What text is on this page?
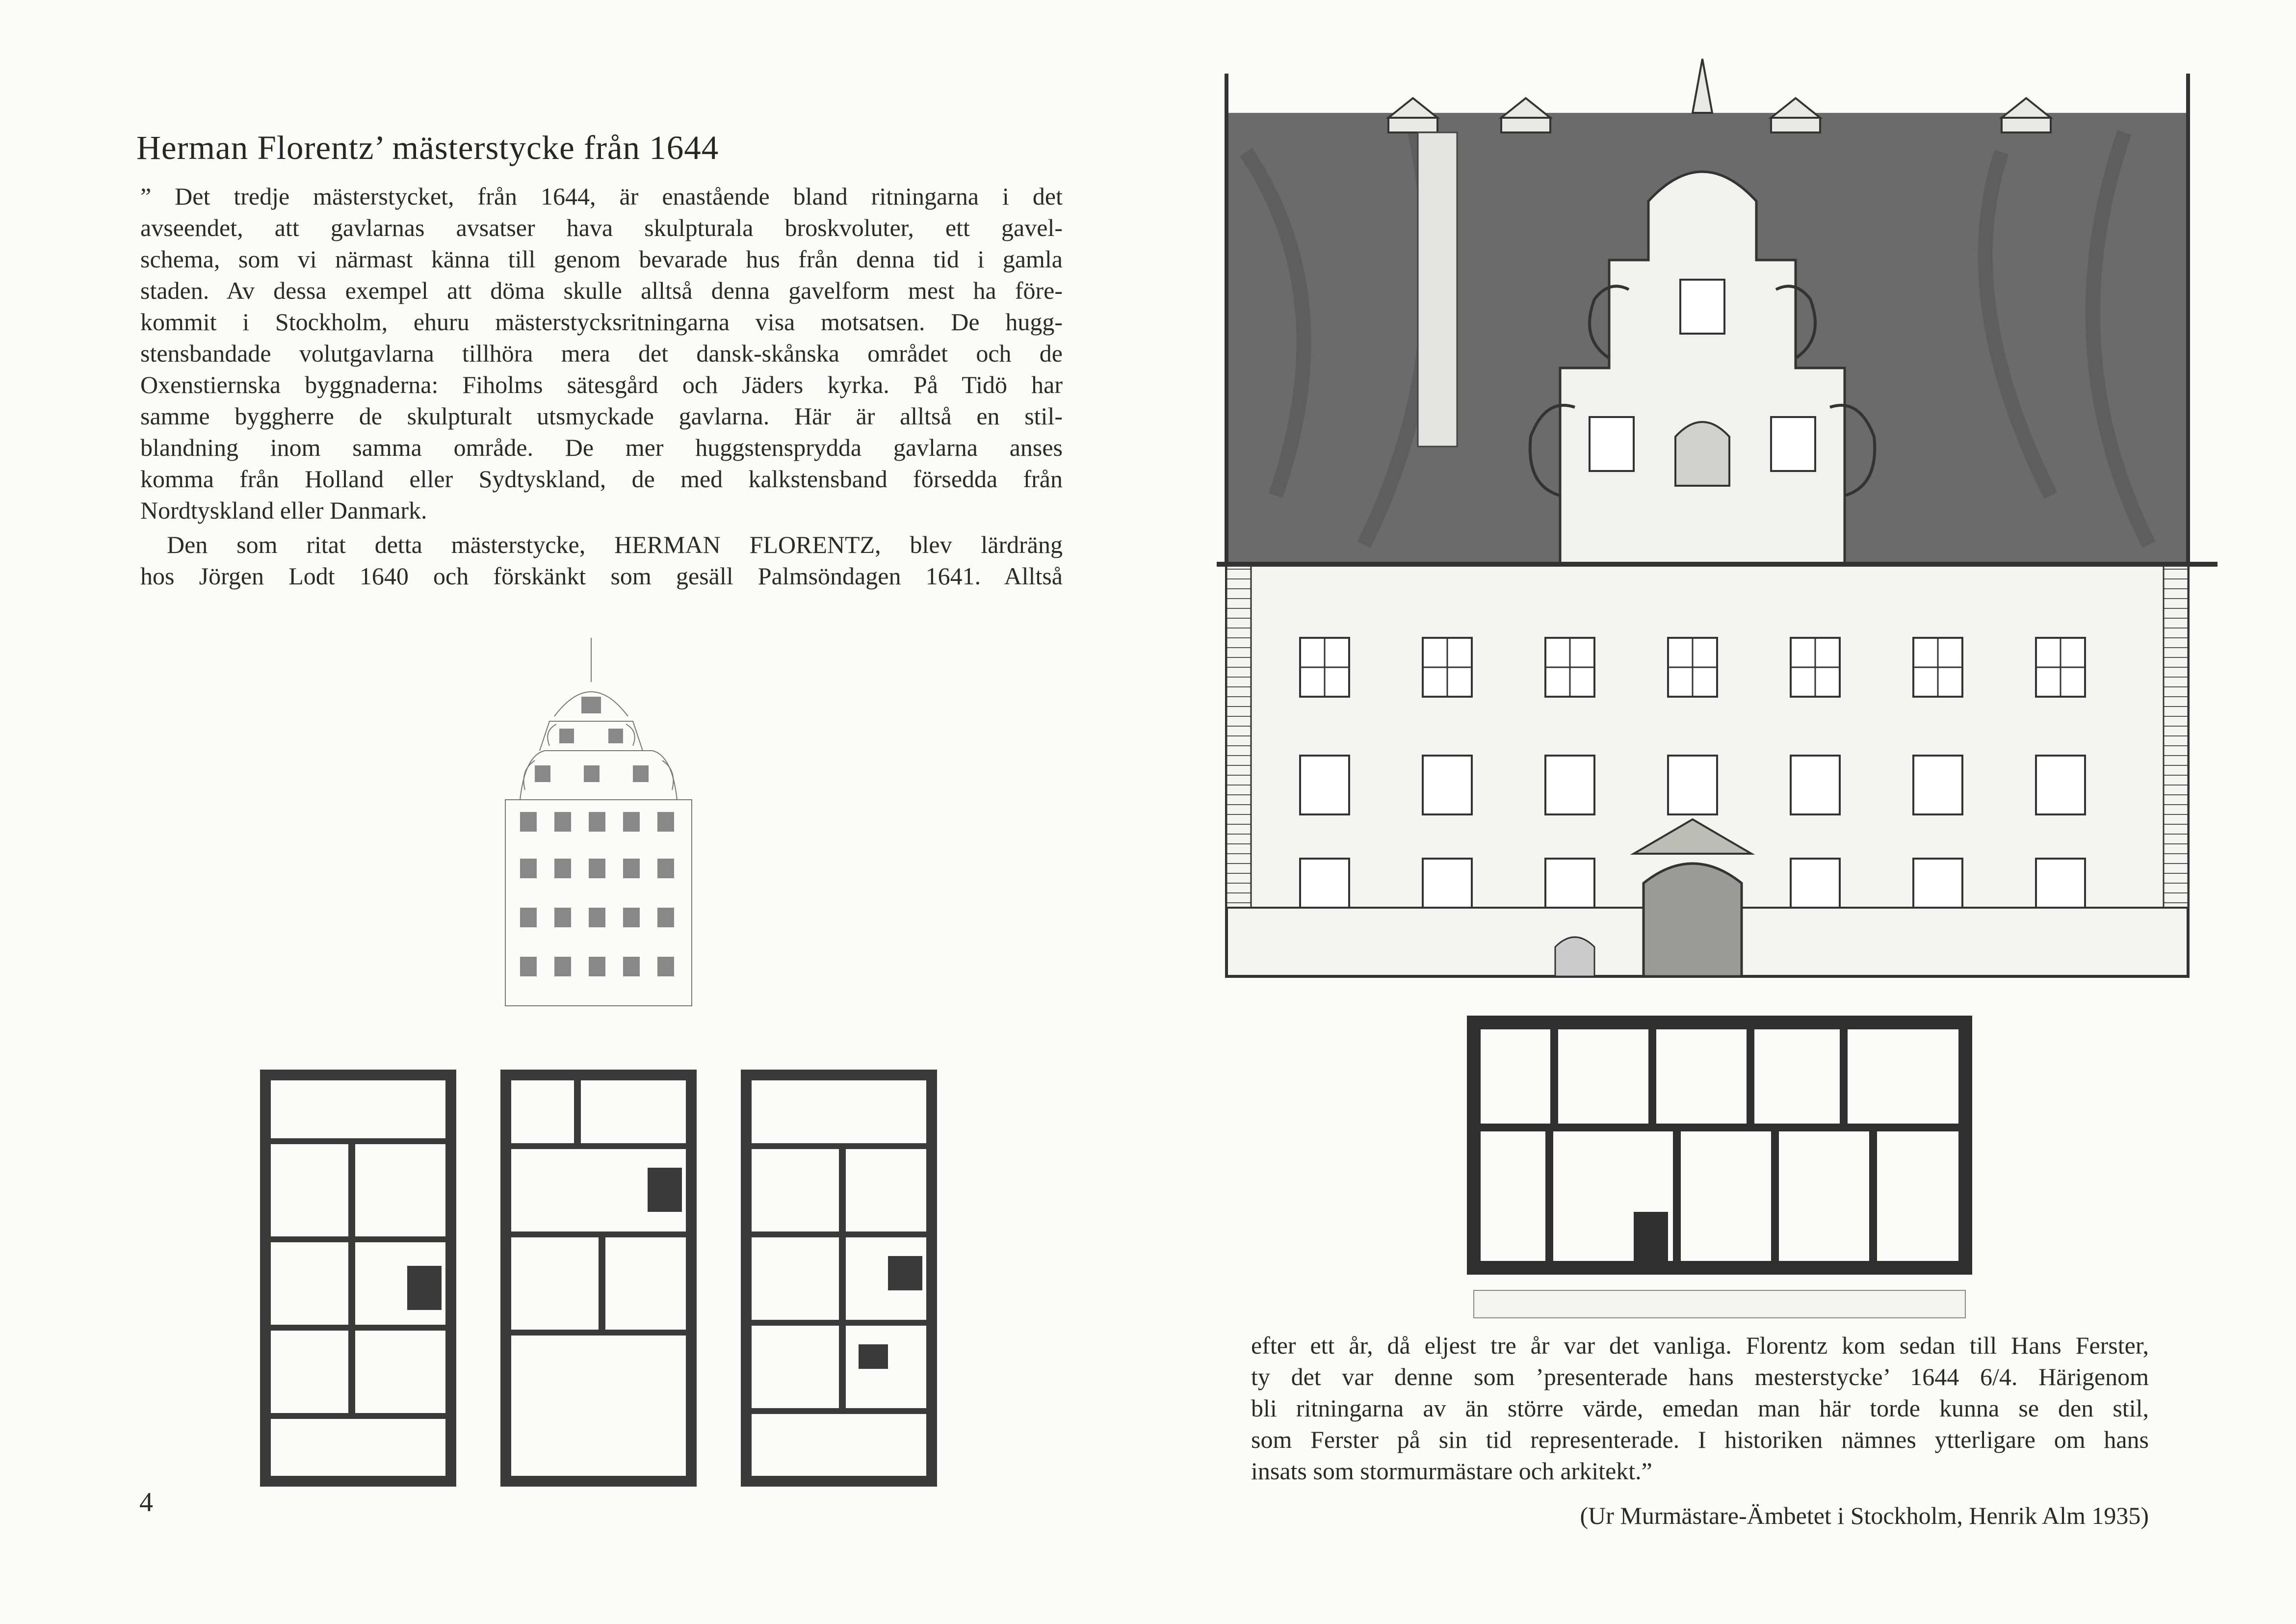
Herman Florentz’ mästerstycke från 1644
” Det tredje mästerstycket, från 1644, är enastående bland ritningarna i det
avseendet, att gavlarnas avsatser hava skulpturala broskvoluter, ett gavel-
schema, som vi närmast känna till genom bevarade hus från denna tid i gamla
staden. Av dessa exempel att döma skulle alltså denna gavelform mest ha före-
kommit i Stockholm, ehuru mästerstycksritningarna visa motsatsen. De hugg-
stensbandade volutgavlarna tillhöra mera det dansk-skånska området och de
Oxenstiernska byggnaderna: Fiholms sätesgård och Jäders kyrka. På Tidö har
samme byggherre de skulpturalt utsmyckade gavlarna. Här är alltså en stil-
blandning inom samma område. De mer huggstensprydda gavlarna anses
komma från Holland eller Sydtyskland, de med kalkstensband försedda från
Nordtyskland eller Danmark.
Den som ritat detta mästerstycke, HERMAN FLORENTZ, blev lärdräng
hos Jörgen Lodt 1640 och förskänkt som gesäll Palmsöndagen 1641. Alltså
efter ett år, då eljest tre år var det vanliga. Florentz kom sedan till Hans Ferster,
ty det var denne som ’presenterade hans mesterstycke’ 1644 6/4. Härigenom
bli ritningarna av än större värde, emedan man här torde kunna se den stil,
som Ferster på sin tid representerade. I historiken nämnes ytterligare om hans
insats som stormurmästare och arkitekt.”
(Ur Murmästare-Ämbetet i Stockholm, Henrik Alm 1935)
4
